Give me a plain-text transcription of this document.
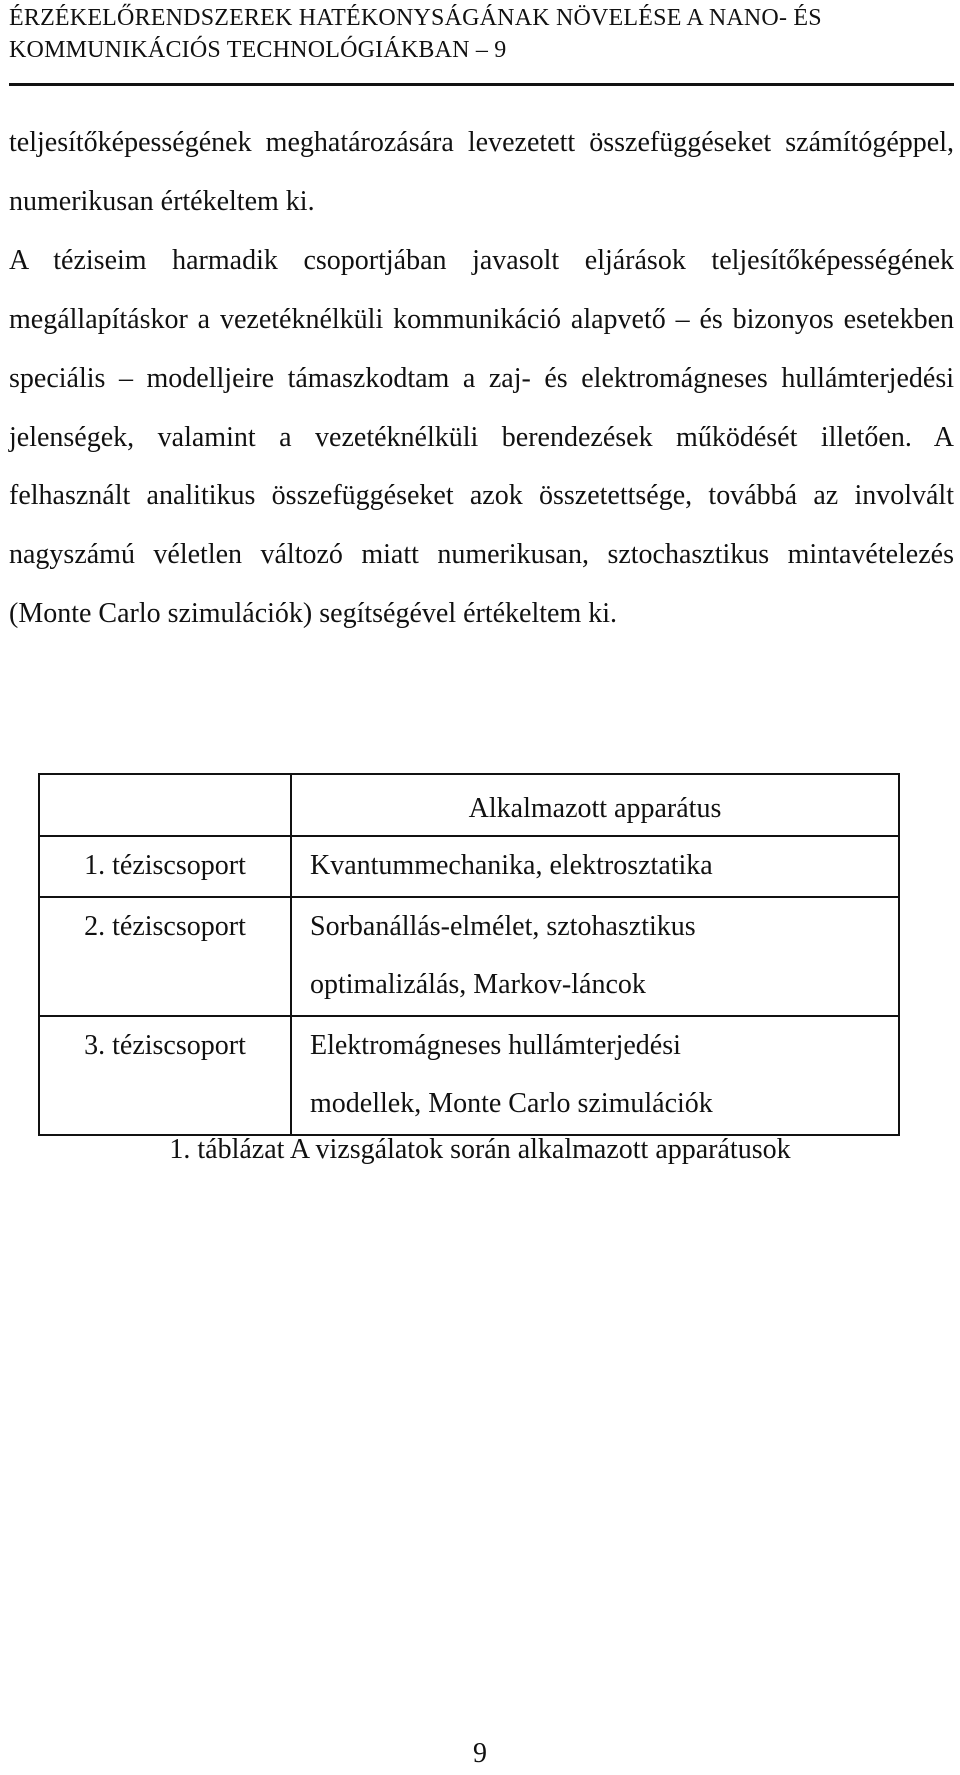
ÉRZÉKELŐRENDSZEREK HATÉKONYSÁGÁNAK NÖVELÉSE A NANO- ÉS
KOMMUNIKÁCIÓS TECHNOLÓGIÁKBAN – 9

teljesítőképességének meghatározására levezetett összefüggéseket számítógéppel, numerikusan értékeltem ki.

A téziseim harmadik csoportjában javasolt eljárások teljesítőképességének megállapításkor a vezetéknélküli kommunikáció alapvető – és bizonyos esetekben speciális – modelljeire támaszkodtam a zaj- és elektromágneses hullámterjedési jelenségek, valamint a vezetéknélküli berendezések működését illetően. A felhasznált analitikus összefüggéseket azok összetettsége, továbbá az involvált nagyszámú véletlen változó miatt numerikusan, sztochasztikus mintavételezés (Monte Carlo szimulációk) segítségével értékeltem ki.

	Alkalmazott apparátus

1. téziscsoport	Kvantummechanika, elektrosztatika

2. téziscsoport	Sorbanállás-elmélet, sztohasztikus
optimalizálás, Markov-láncok

3. téziscsoport	Elektromágneses hullámterjedési
modellek, Monte Carlo szimulációk
1. táblázat A vizsgálatok során alkalmazott apparátusok
9
